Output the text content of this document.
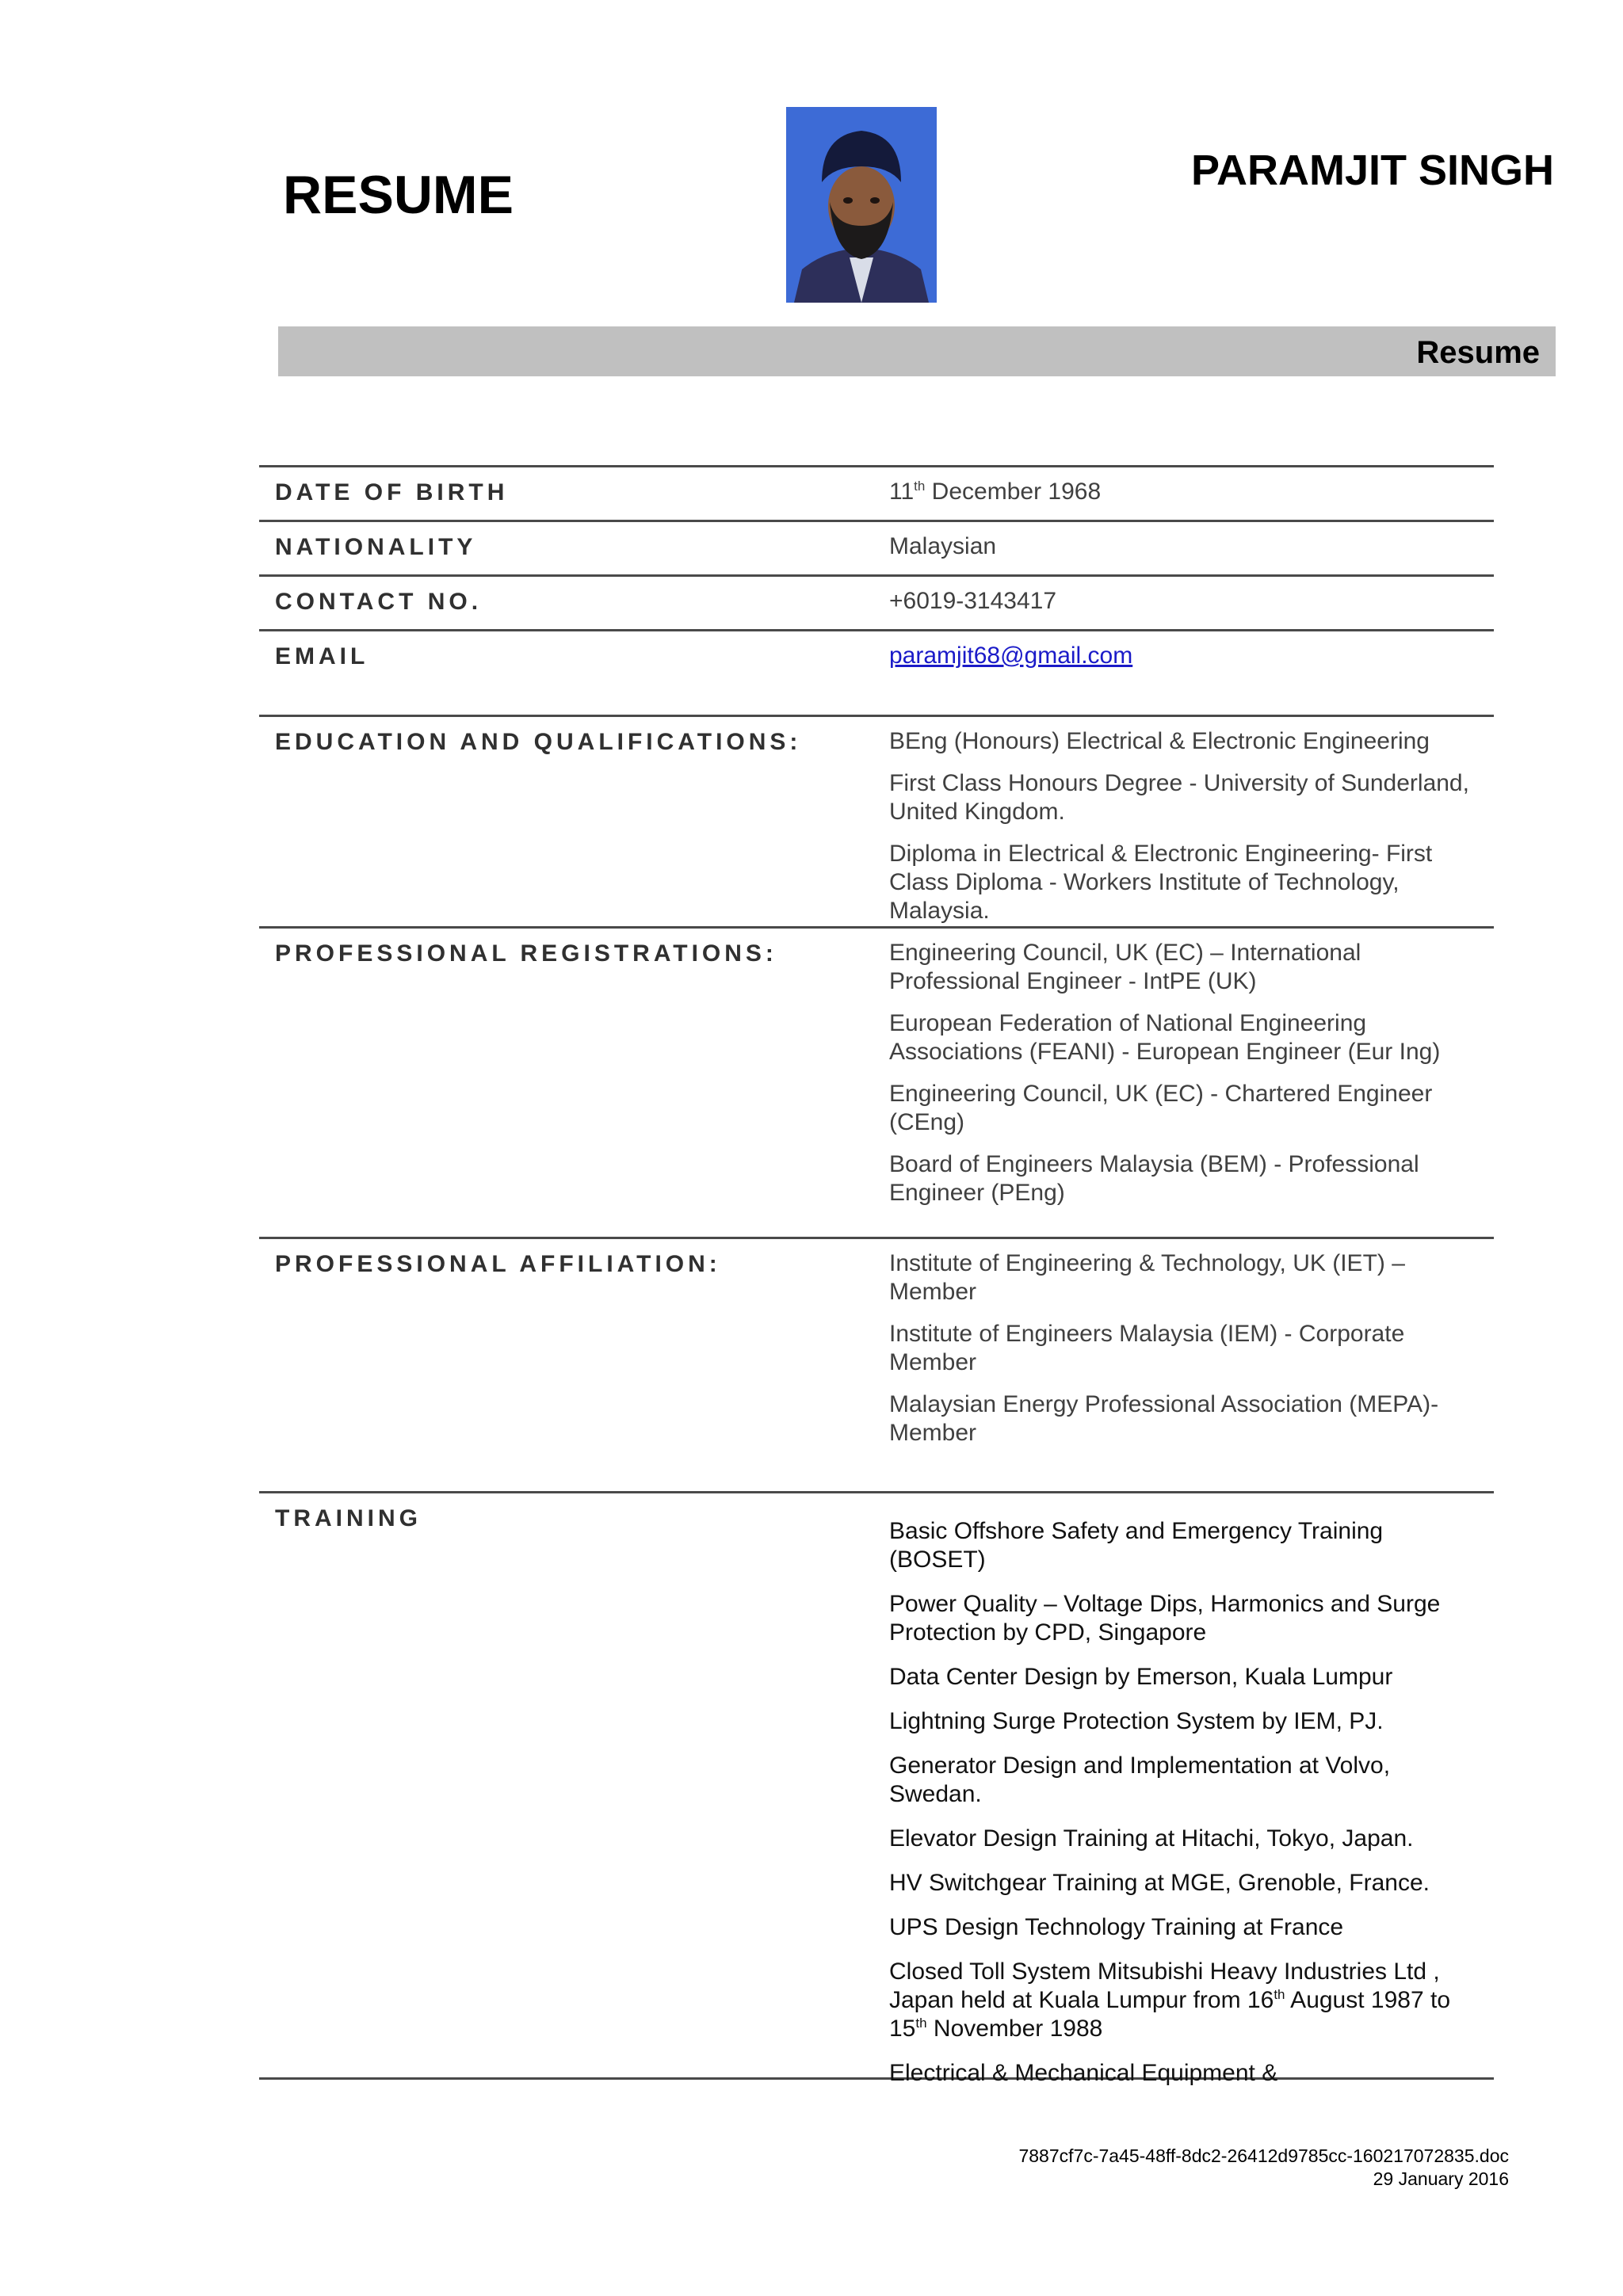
RESUME	PARAMJIT SINGH
Resume
DATE OF BIRTH	11th December 1968
NATIONALITY	Malaysian
CONTACT NO.	+6019-3143417
EMAIL	paramjit68@gmail.com
EDUCATION AND QUALIFICATIONS:	BEng (Honours) Electrical & Electronic Engineering
First Class Honours Degree - University of Sunderland, United Kingdom.
Diploma in Electrical & Electronic Engineering- First Class Diploma - Workers Institute of Technology, Malaysia.
PROFESSIONAL REGISTRATIONS:	Engineering Council, UK (EC) – International Professional Engineer - IntPE (UK)
European Federation of National Engineering Associations (FEANI) - European Engineer (Eur Ing)
Engineering Council, UK (EC) - Chartered Engineer (CEng)
Board of Engineers Malaysia (BEM) - Professional Engineer (PEng)
PROFESSIONAL AFFILIATION:	Institute of Engineering & Technology, UK (IET) – Member
Institute of Engineers Malaysia (IEM) - Corporate Member
Malaysian Energy Professional Association (MEPA)- Member
TRAINING	Basic Offshore Safety and Emergency Training (BOSET)
Power Quality – Voltage Dips, Harmonics and Surge Protection by CPD, Singapore
Data Center Design by Emerson, Kuala Lumpur
Lightning Surge Protection System by IEM, PJ.
Generator Design and Implementation at Volvo, Swedan.
Elevator Design Training at Hitachi, Tokyo, Japan.
HV Switchgear Training at MGE, Grenoble, France.
UPS Design Technology Training at France
Closed Toll System Mitsubishi Heavy Industries Ltd , Japan held at Kuala Lumpur from 16th August 1987 to 15th November 1988
Electrical & Mechanical Equipment &
7887cf7c-7a45-48ff-8dc2-26412d9785cc-160217072835.doc
29 January 2016
